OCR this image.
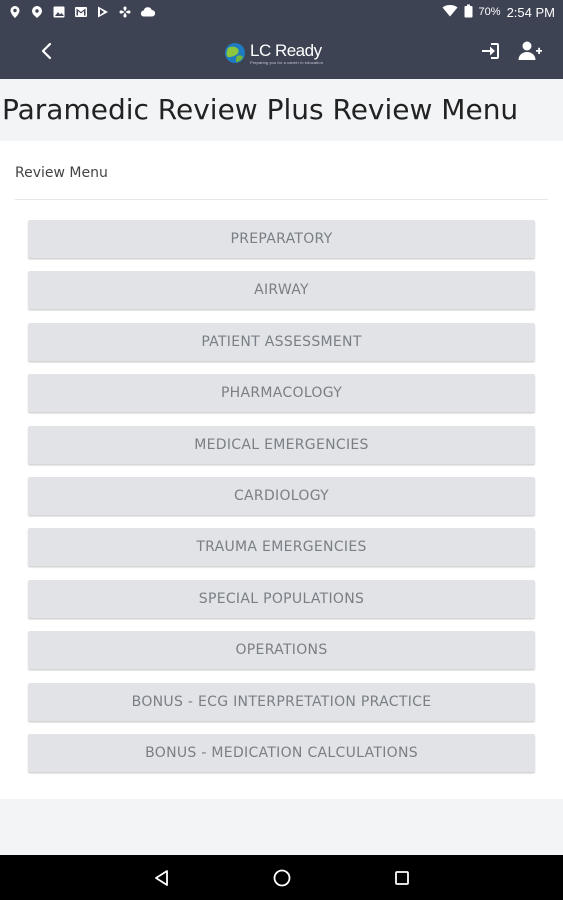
70% 2:54 PM
LC Ready
Preparing you for a career in education
Paramedic Review Plus Review Menu
Review Menu
PREPARATORY
AIRWAY
PATIENT ASSESSMENT
PHARMACOLOGY
MEDICAL EMERGENCIES
CARDIOLOGY
TRAUMA EMERGENCIES
SPECIAL POPULATIONS
OPERATIONS
BONUS - ECG INTERPRETATION PRACTICE
BONUS - MEDICATION CALCULATIONS
